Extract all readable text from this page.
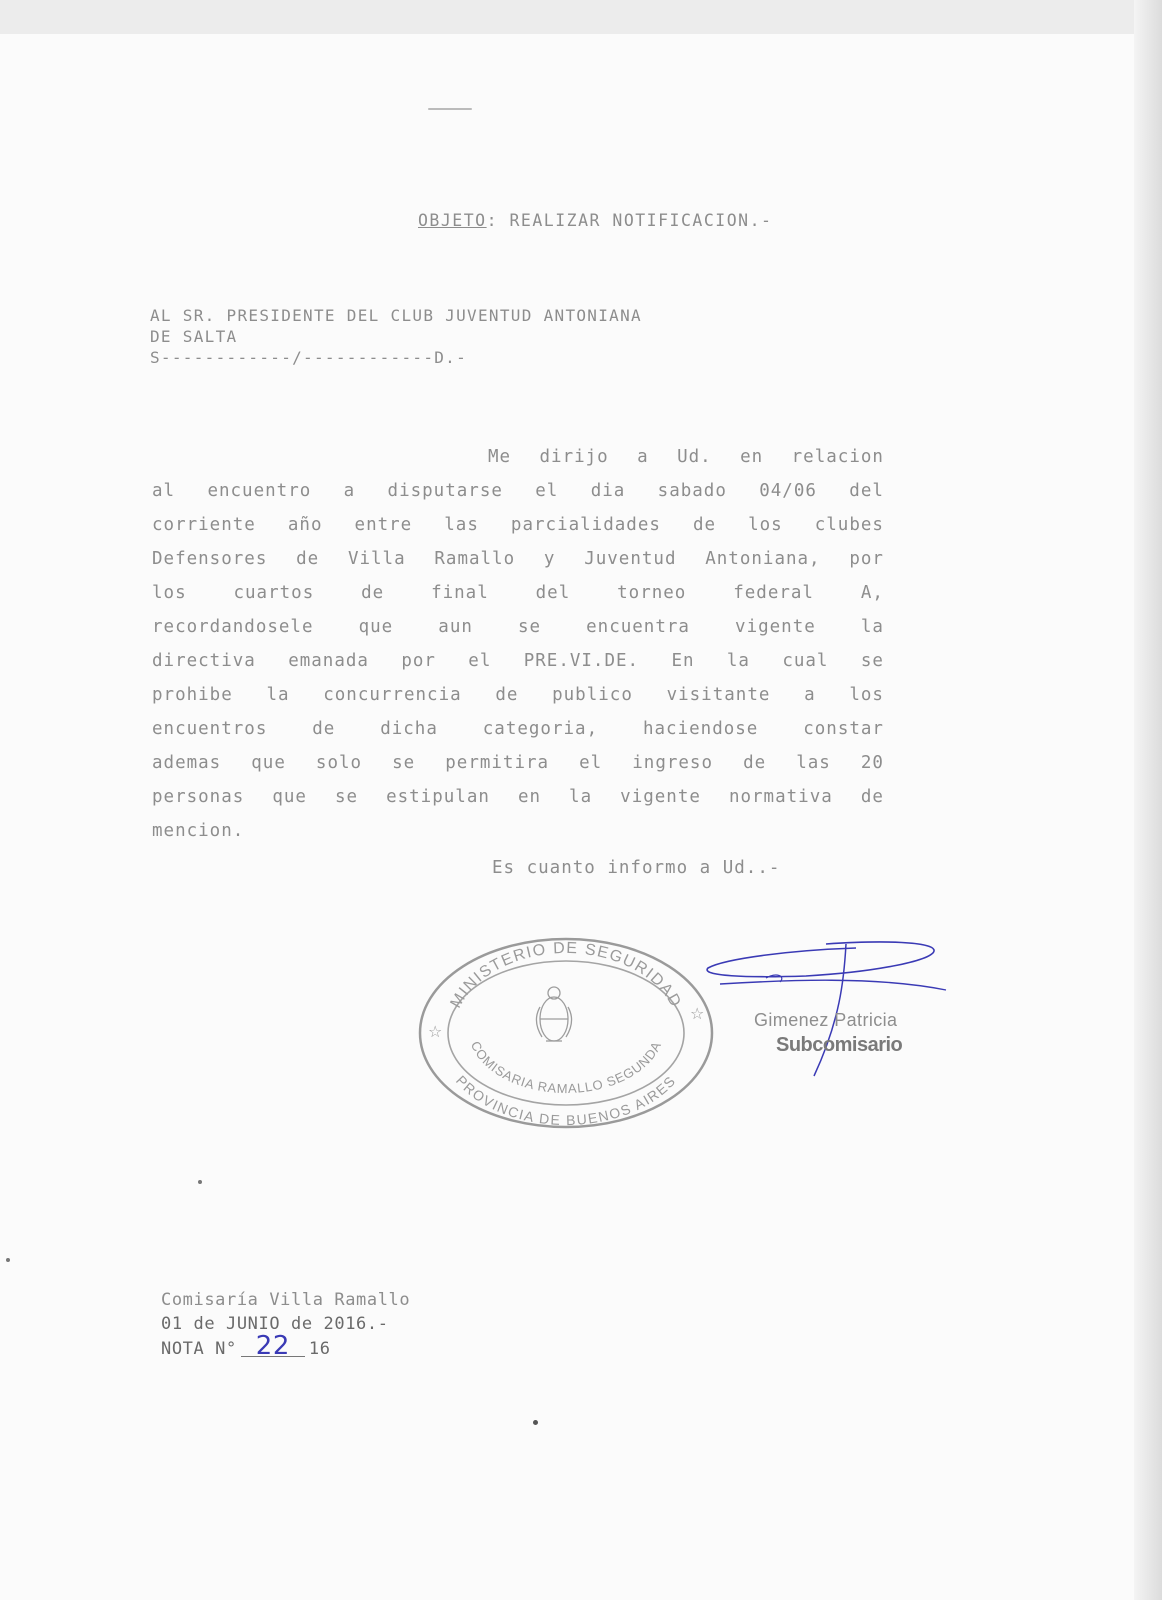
OBJETO: REALIZAR NOTIFICACION.-
AL SR. PRESIDENTE DEL CLUB JUVENTUD ANTONIANA
DE SALTA
S------------/------------D.-
Me dirijo a Ud. en relacion
al encuentro a disputarse el dia sabado 04/06 del
corriente año entre las parcialidades de los clubes
Defensores de Villa Ramallo y Juventud Antoniana, por
los	cuartos	de	final	del	torneo	federal	A,
recordandosele	que	aun	se	encuentra	vigente	la
directiva emanada por el PRE.VI.DE. En la cual se
prohibe la concurrencia de publico visitante a los
encuentros	de	dicha	categoria,	haciendose	constar
ademas que solo se permitira el ingreso de las 20
personas que se estipulan en la vigente normativa de
mencion.
Es cuanto informo a Ud..-
MINISTERIO DE SEGURIDAD
COMISARIA RAMALLO SEGUNDA
PROVINCIA DE BUENOS AIRES
☆
☆	Gimenez Patricia
Subcomisario
Comisaría Villa Ramallo
01 de JUNIO de 2016.-
NOTA N° 22 16
